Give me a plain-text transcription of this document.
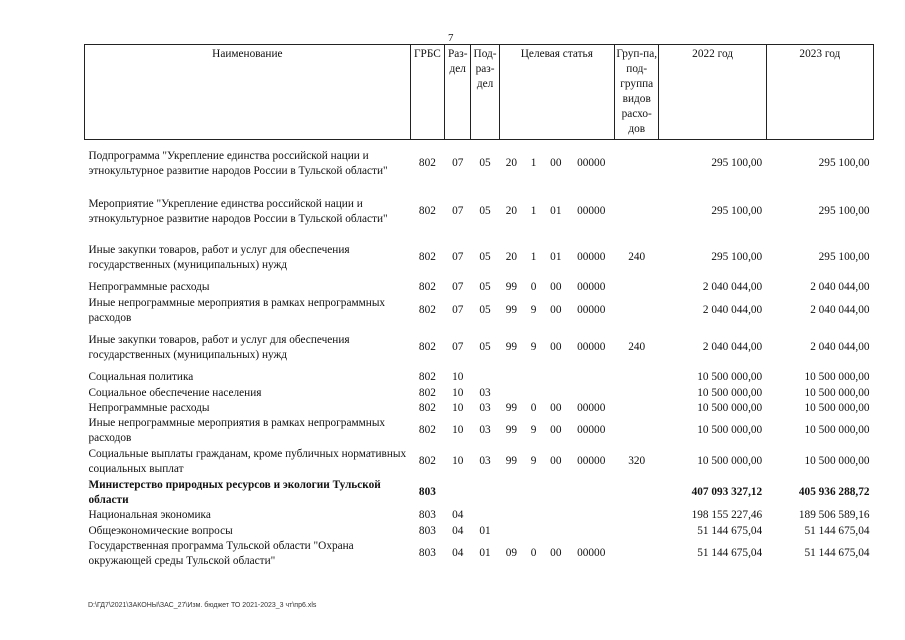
7
Наименование	ГРБС	Раз-дел	Под-раз-дел	Целевая статья				Груп-па, под-группа видов расхо-дов	2022 год	2023 год
Подпрограмма "Укрепление единства российской нации и этнокультурное развитие народов России в Тульской области"	802	07	05	20	1	00	00000		295 100,00	295 100,00
Мероприятие "Укрепление единства российской нации и этнокультурное развитие народов России в Тульской области"	802	07	05	20	1	01	00000		295 100,00	295 100,00
Иные закупки товаров, работ и услуг для обеспечения государственных (муниципальных) нужд	802	07	05	20	1	01	00000	240	295 100,00	295 100,00
Непрограммные расходы	802	07	05	99	0	00	00000		2 040 044,00	2 040 044,00
Иные непрограммные мероприятия в рамках непрограммных расходов	802	07	05	99	9	00	00000		2 040 044,00	2 040 044,00
Иные закупки товаров, работ и услуг для обеспечения государственных (муниципальных) нужд	802	07	05	99	9	00	00000	240	2 040 044,00	2 040 044,00
Социальная политика	802	10							10 500 000,00	10 500 000,00
Социальное обеспечение населения	802	10	03						10 500 000,00	10 500 000,00
Непрограммные расходы	802	10	03	99	0	00	00000		10 500 000,00	10 500 000,00
Иные непрограммные мероприятия в рамках непрограммных расходов	802	10	03	99	9	00	00000		10 500 000,00	10 500 000,00
Социальные выплаты гражданам, кроме публичных нормативных социальных выплат	802	10	03	99	9	00	00000	320	10 500 000,00	10 500 000,00
Министерство природных ресурсов и экологии Тульской области	803								407 093 327,12	405 936 288,72
Национальная экономика	803	04							198 155 227,46	189 506 589,16
Общеэкономические вопросы	803	04	01						51 144 675,04	51 144 675,04
Государственная программа Тульской области "Охрана окружающей среды Тульской области"	803	04	01	09	0	00	00000		51 144 675,04	51 144 675,04
D:\ГД7\2021\ЗАКОНЫ\ЗАС_27\Изм. бюджет ТО 2021-2023_3 чт\пр6.xls
